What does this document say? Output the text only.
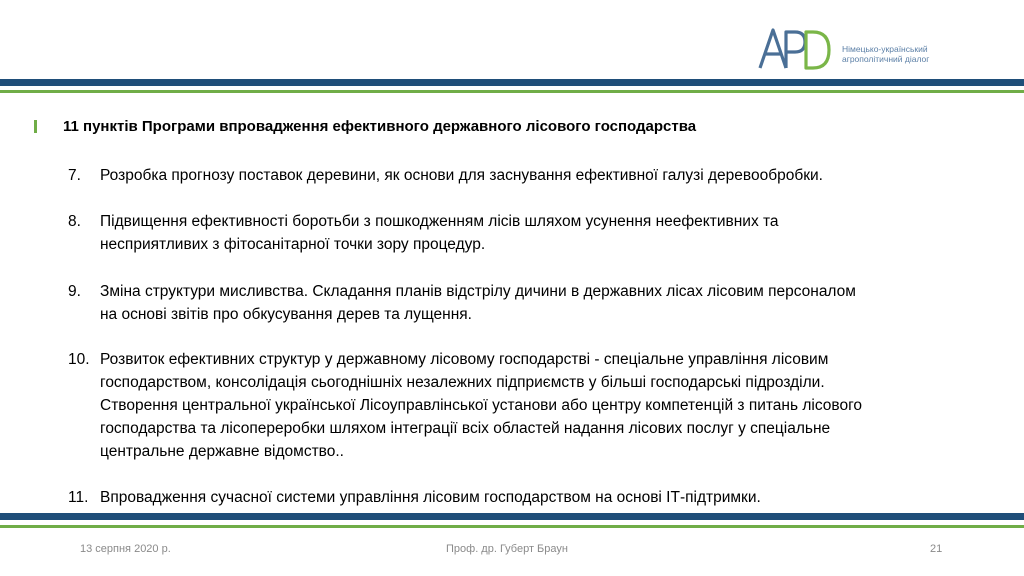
Німецько-український
агрополітичний діалог
11 пунктів Програми впровадження ефективного державного лісового господарства
7.	Розробка прогнозу поставок деревини, як основи для заснування ефективної галузі деревообробки.
8.	Підвищення ефективності боротьби з пошкодженням лісів шляхом усунення неефективних та
несприятливих з фітосанітарної точки зору процедур.
9.	Зміна структури мисливства. Складання планів відстрілу дичини в державних лісах лісовим персоналом
на основі звітів про обкусування дерев та лущення.
10. Розвиток ефективних структур у державному лісовому господарстві - спеціальне управління лісовим
господарством, консолідація сьогоднішніх незалежних підприємств у більші господарські підрозділи.
Створення центральної української Лісоуправлінської установи або центру компетенцій з питань лісового
господарства та лісопереробки шляхом інтеграції всіх областей надання лісових послуг у спеціальне
центральне державне відомство..
11. Впровадження сучасної системи управління лісовим господарством на основі ІТ-підтримки.
13 серпня 2020 р.	Проф. др. Губерт Браун	21
